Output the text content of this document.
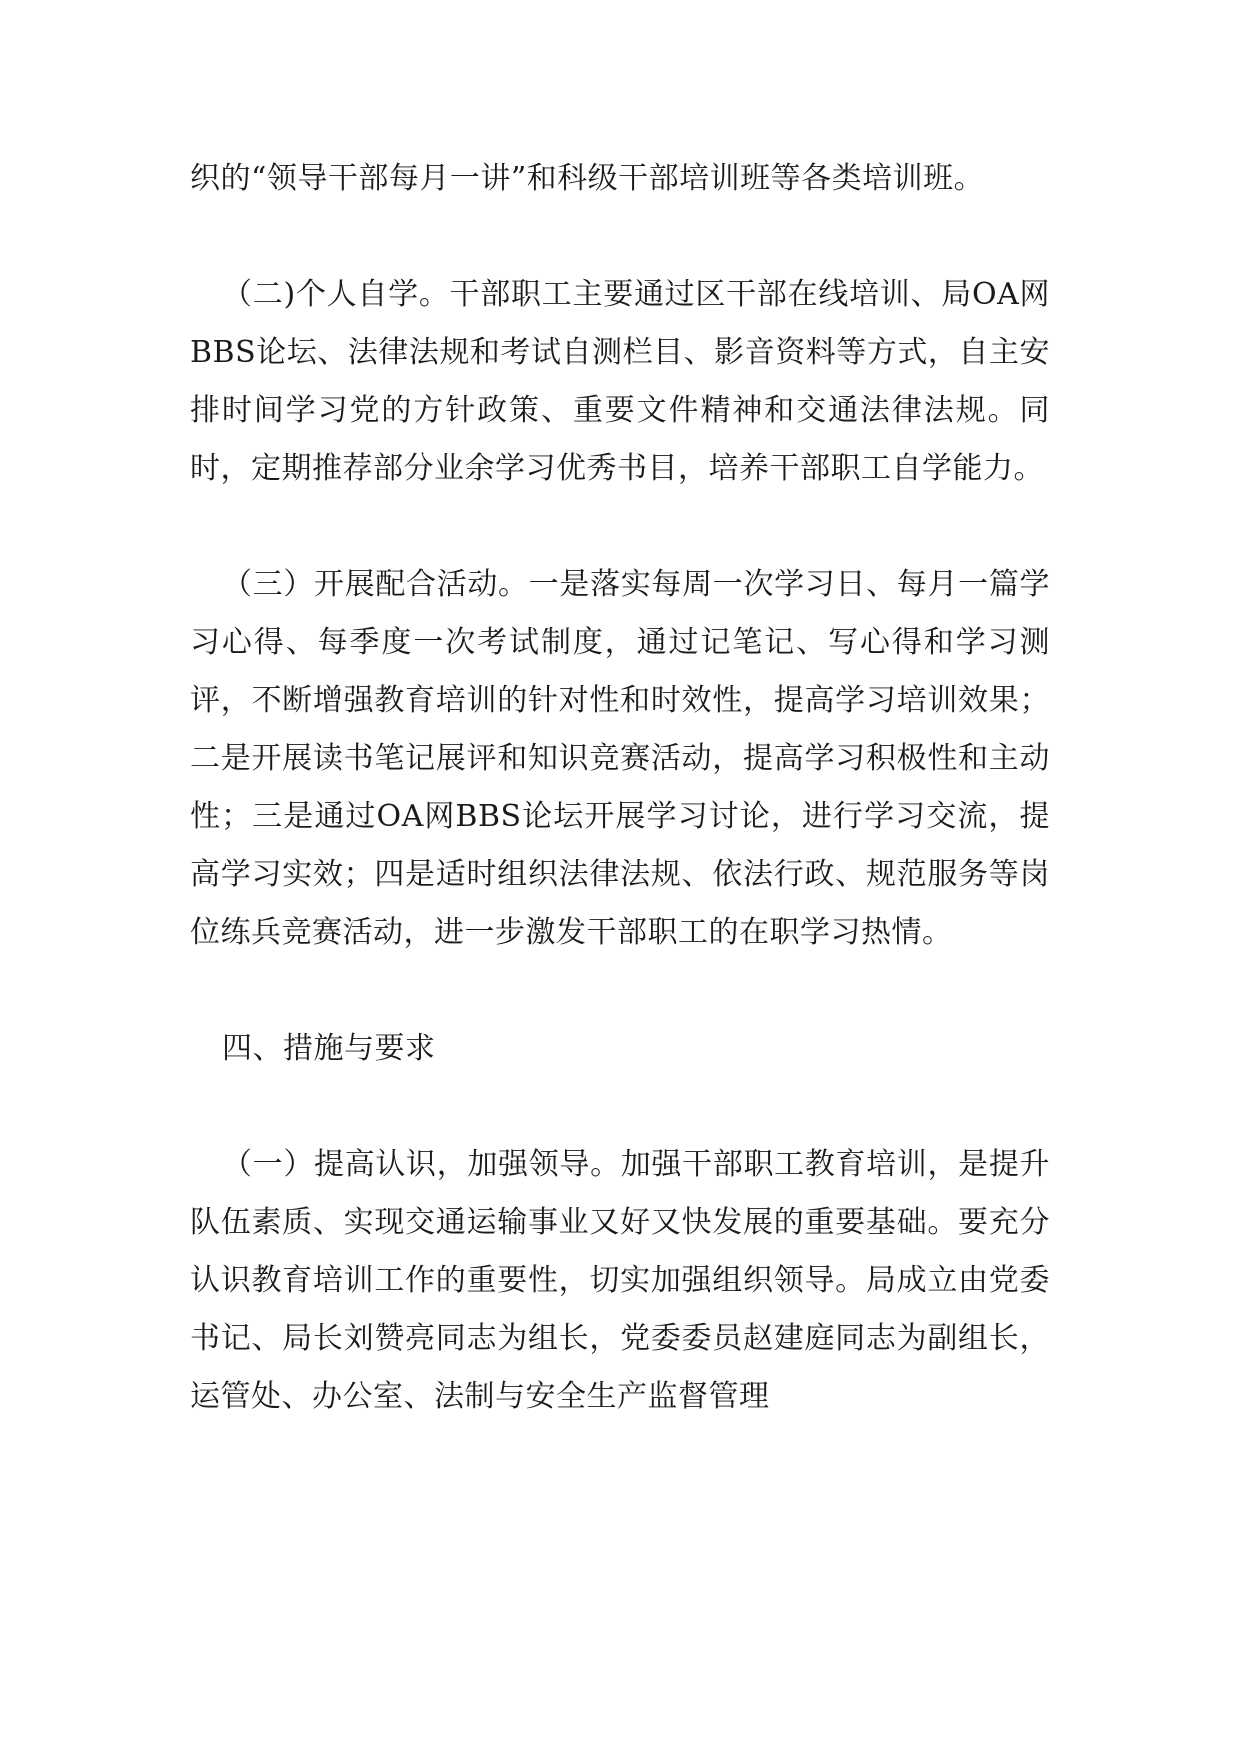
织的“领导干部每月一讲”和科级干部培训班等各类培训班。

（二)个人自学。干部职工主要通过区干部在线培训、局OA网BBS论坛、法律法规和考试自测栏目、影音资料等方式，自主安排时间学习党的方针政策、重要文件精神和交通法律法规。同时，定期推荐部分业余学习优秀书目，培养干部职工自学能力。

（三）开展配合活动。一是落实每周一次学习日、每月一篇学习心得、每季度一次考试制度，通过记笔记、写心得和学习测评，不断增强教育培训的针对性和时效性，提高学习培训效果；二是开展读书笔记展评和知识竞赛活动，提高学习积极性和主动性；三是通过OA网BBS论坛开展学习讨论，进行学习交流，提高学习实效；四是适时组织法律法规、依法行政、规范服务等岗位练兵竞赛活动，进一步激发干部职工的在职学习热情。

四、措施与要求

（一）提高认识，加强领导。加强干部职工教育培训，是提升队伍素质、实现交通运输事业又好又快发展的重要基础。要充分认识教育培训工作的重要性，切实加强组织领导。局成立由党委书记、局长刘赞亮同志为组长，党委委员赵建庭同志为副组长，运管处、办公室、法制与安全生产监督管理
